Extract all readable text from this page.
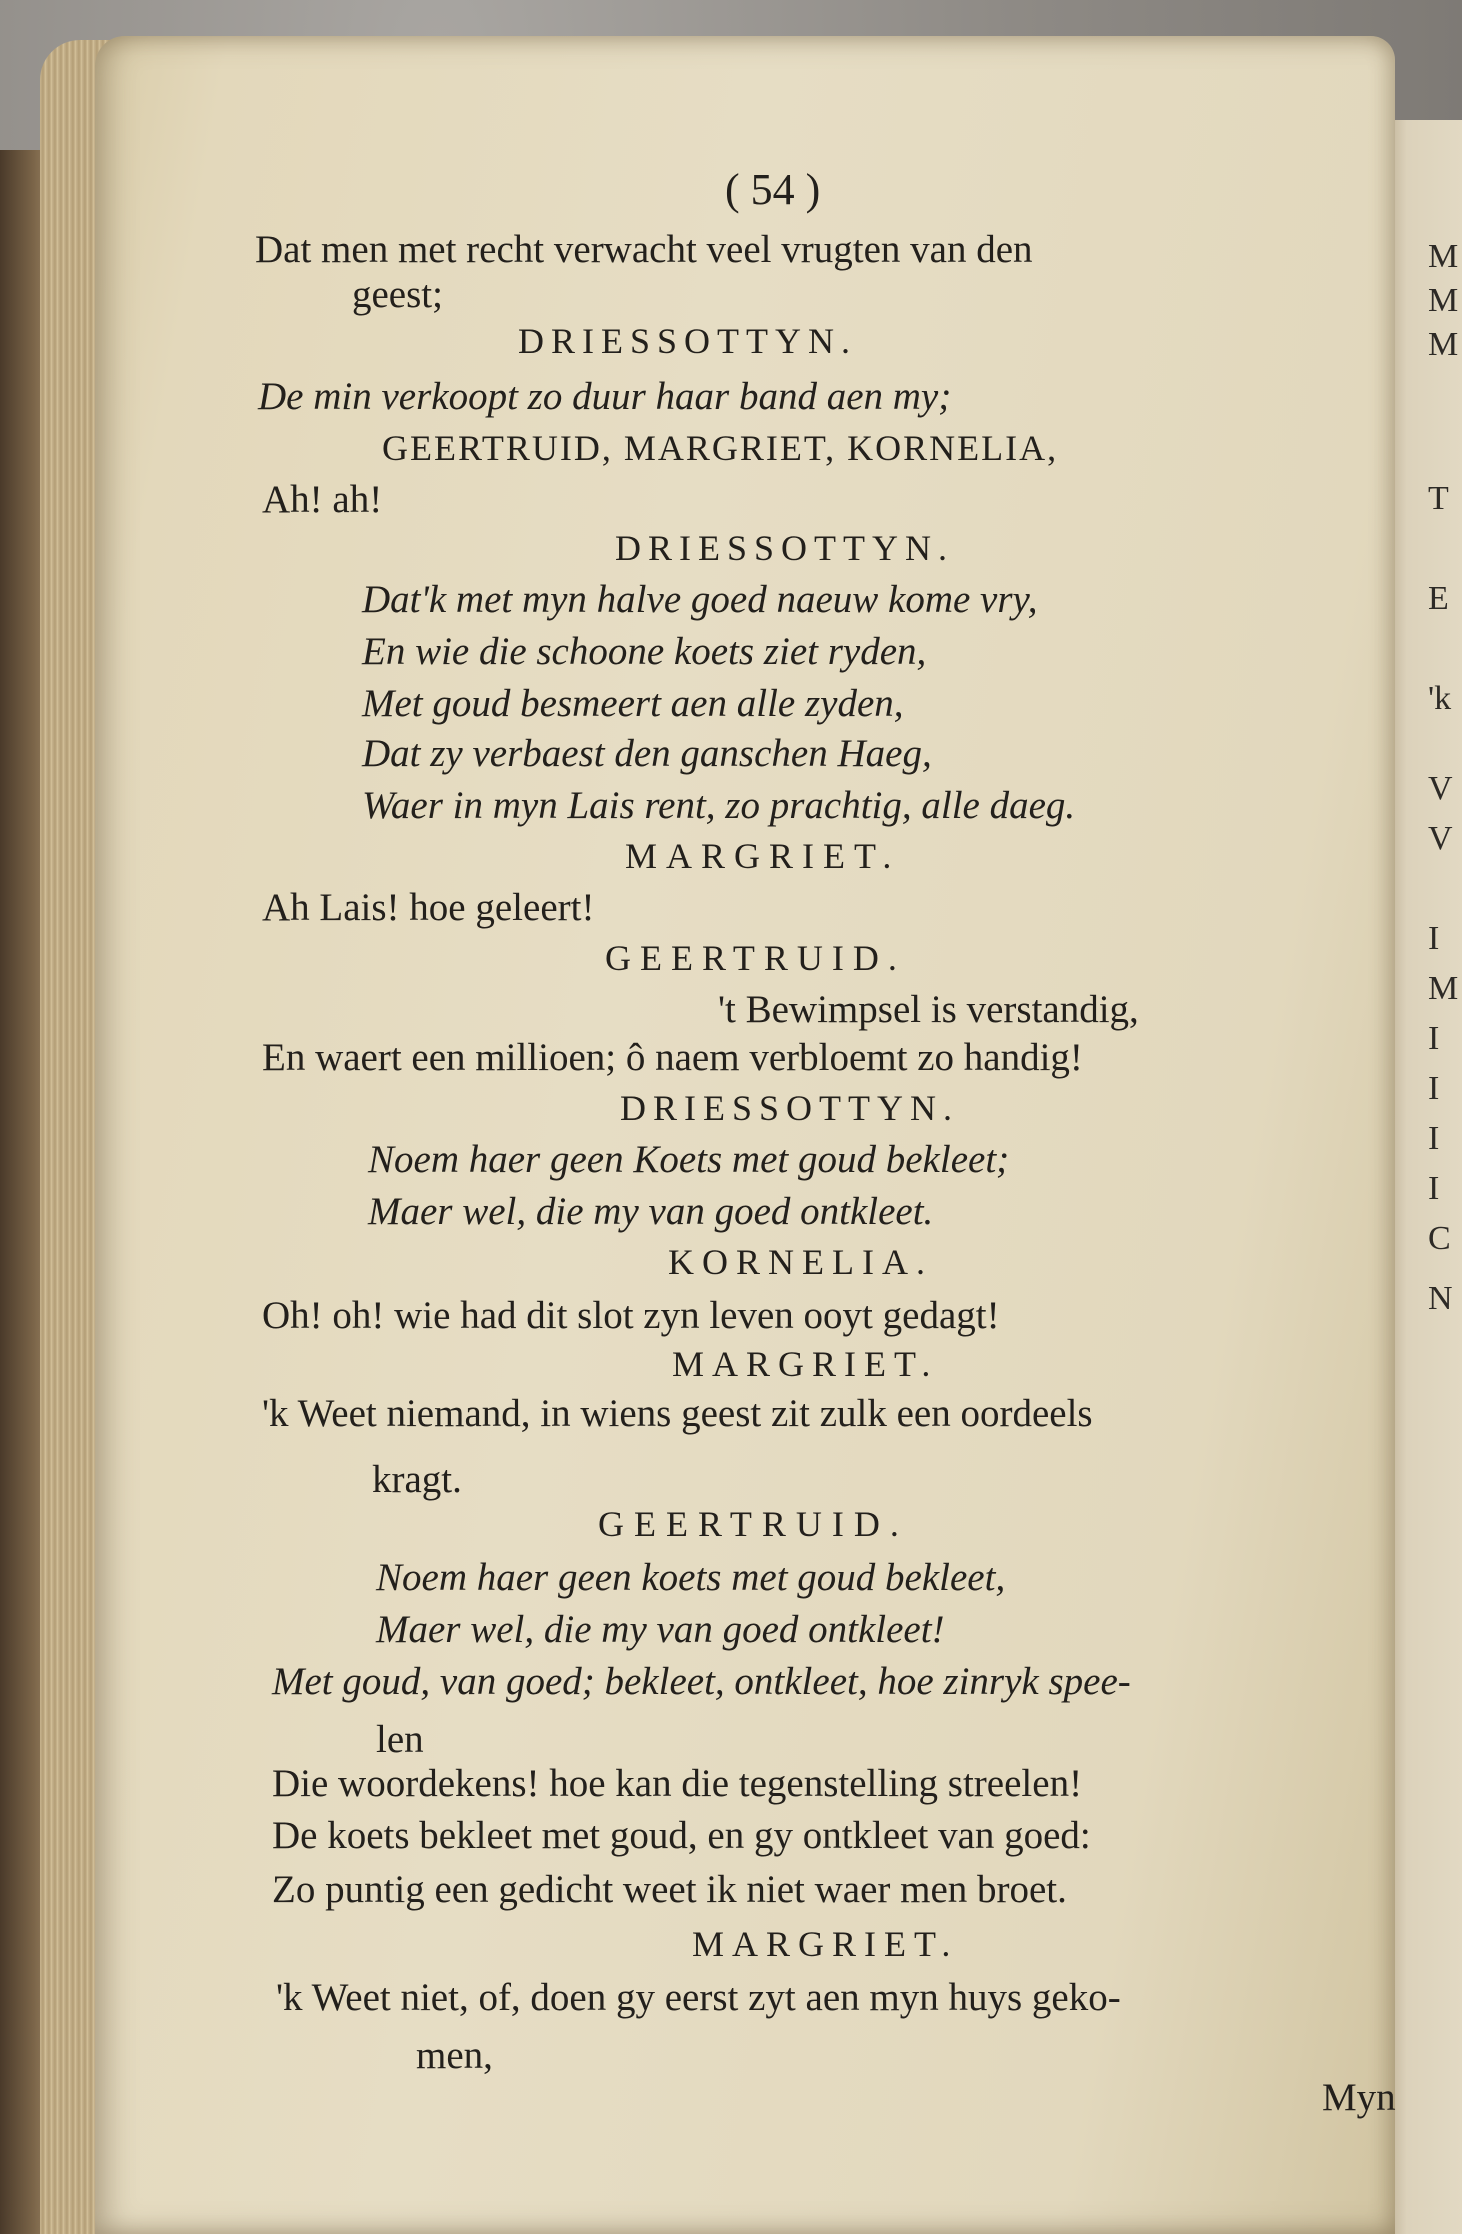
( 54 )
Dat men met recht verwacht veel vrugten van den
geest;
DRIESSOTTYN.
De min verkoopt zo duur haar band aen my;
GEERTRUID, MARGRIET, KORNELIA,
Ah! ah!
DRIESSOTTYN.
Dat'k met myn halve goed naeuw kome vry,
En wie die schoone koets ziet ryden,
Met goud besmeert aen alle zyden,
Dat zy verbaest den ganschen Haeg,
Waer in myn Lais rent, zo prachtig, alle daeg.
MARGRIET.
Ah Lais! hoe geleert!
GEERTRUID.
't Bewimpsel is verstandig,
En waert een millioen; ô naem verbloemt zo handig!
DRIESSOTTYN.
Noem haer geen Koets met goud bekleet;
Maer wel, die my van goed ontkleet.
KORNELIA.
Oh! oh! wie had dit slot zyn leven ooyt gedagt!
MARGRIET.
'k Weet niemand, in wiens geest zit zulk een oordeels
kragt.
GEERTRUID.
Noem haer geen koets met goud bekleet,
Maer wel, die my van goed ontkleet!
Met goud, van goed; bekleet, ontkleet, hoe zinryk spee-
len
Die woordekens! hoe kan die tegenstelling streelen!
De koets bekleet met goud, en gy ontkleet van goed:
Zo puntig een gedicht weet ik niet waer men broet.
MARGRIET.
'k Weet niet, of, doen gy eerst zyt aen myn huys geko-
men,
Myn
M
M
M
T
E
'k
V
V
I
M
I
I
I
I
C
N
